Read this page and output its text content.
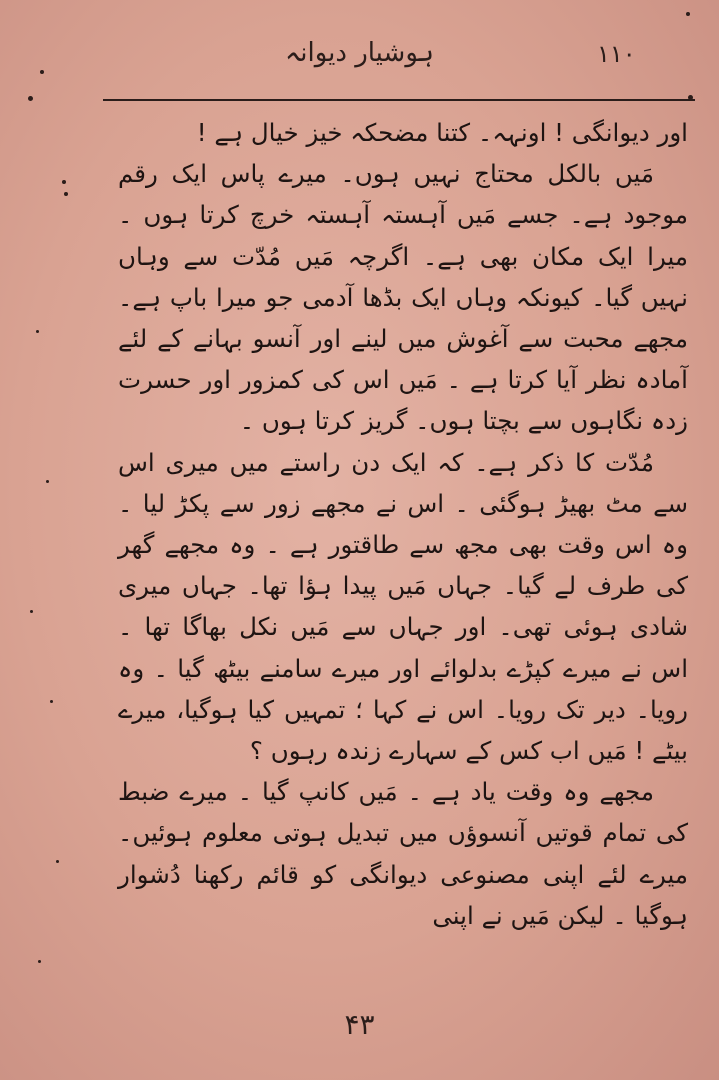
ہوشیار دیوانہ	۱۱۰

اور دیوانگی ! اونہہ۔ کتنا مضحکہ خیز خیال ہے !

مَیں بالکل محتاج نہیں ہوں۔ میرے پاس ایک رقم موجود ہے۔ جسے مَیں آہستہ آہستہ خرچ کرتا ہوں ۔ میرا ایک مکان بھی ہے۔ اگرچہ مَیں مُدّت سے وہاں نہیں گیا۔ کیونکہ وہاں ایک بڈھا آدمی جو میرا باپ ہے۔ مجھے محبت سے آغوش میں لینے اور آنسو بہانے کے لئے آمادہ نظر آیا کرتا ہے ۔ مَیں اس کی کمزور اور حسرت زدہ نگاہوں سے بچتا ہوں۔ گریز کرتا ہوں ۔

مُدّت کا ذکر ہے۔ کہ ایک دن راستے میں میری اس سے مٹ بھیڑ ہوگئی ۔ اس نے مجھے زور سے پکڑ لیا ۔ وہ اس وقت بھی مجھ سے طاقتور ہے ۔ وہ مجھے گھر کی طرف لے گیا۔ جہاں مَیں پیدا ہؤا تھا۔ جہاں میری شادی ہوئی تھی۔ اور جہاں سے مَیں نکل بھاگا تھا ۔ اس نے میرے کپڑے بدلوائے اور میرے سامنے بیٹھ گیا ۔ وہ رویا۔ دیر تک رویا۔ اس نے کہا ؛ تمہیں کیا ہوگیا، میرے بیٹے ! مَیں اب کس کے سہارے زندہ رہوں ؟

مجھے وہ وقت یاد ہے ۔ مَیں کانپ گیا ۔ میرے ضبط کی تمام قوتیں آنسوؤں میں تبدیل ہوتی معلوم ہوئیں۔ میرے لئے اپنی مصنوعی دیوانگی کو قائم رکھنا دُشوار ہوگیا ۔ لیکن مَیں نے اپنی

۴۳
